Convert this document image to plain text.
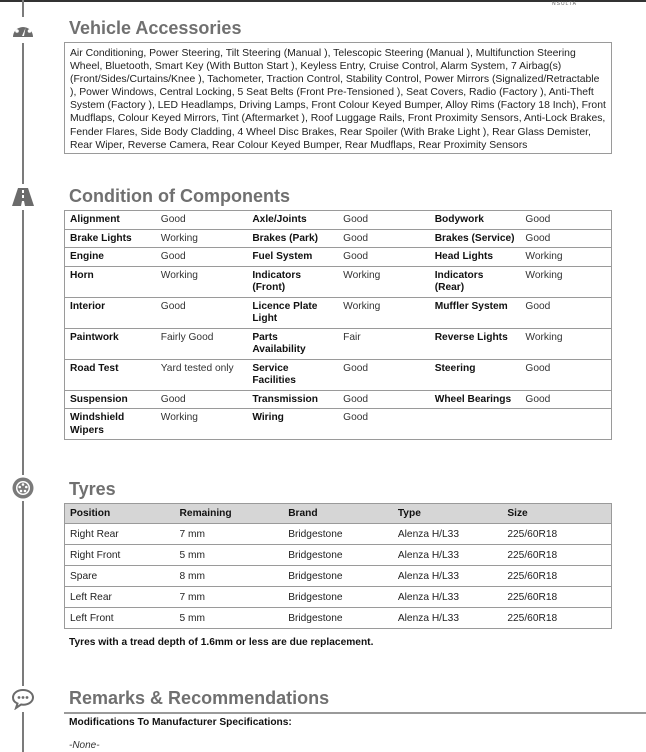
NSULTA
Vehicle Accessories
Air Conditioning, Power Steering, Tilt Steering (Manual ), Telescopic Steering (Manual ), Multifunction Steering Wheel, Bluetooth, Smart Key (With Button Start ), Keyless Entry, Cruise Control, Alarm System, 7 Airbag(s) (Front/Sides/Curtains/Knee ), Tachometer, Traction Control, Stability Control, Power Mirrors (Signalized/Retractable ), Power Windows, Central Locking, 5 Seat Belts (Front Pre-Tensioned ), Seat Covers, Radio (Factory ), Anti-Theft System (Factory ), LED Headlamps, Driving Lamps, Front Colour Keyed Bumper, Alloy Rims (Factory 18 Inch), Front Mudflaps, Colour Keyed Mirrors, Tint (Aftermarket ), Roof Luggage Rails, Front Proximity Sensors, Anti-Lock Brakes, Fender Flares, Side Body Cladding, 4 Wheel Disc Brakes, Rear Spoiler (With Brake Light ), Rear Glass Demister, Rear Wiper, Reverse Camera, Rear Colour Keyed Bumper, Rear Mudflaps, Rear Proximity Sensors
Condition of Components
Alignment	Good	Axle/Joints	Good	Bodywork	Good
Brake Lights	Working	Brakes (Park)	Good	Brakes (Service)	Good
Engine	Good	Fuel System	Good	Head Lights	Working
Horn	Working	Indicators (Front)	Working	Indicators (Rear)	Working
Interior	Good	Licence Plate Light	Working	Muffler System	Good
Paintwork	Fairly Good	Parts Availability	Fair	Reverse Lights	Working
Road Test	Yard tested only	Service Facilities	Good	Steering	Good
Suspension	Good	Transmission	Good	Wheel Bearings	Good
Windshield Wipers	Working	Wiring	Good		
Tyres
Position	Remaining	Brand	Type	Size
Right Rear	7 mm	Bridgestone	Alenza H/L33	225/60R18
Right Front	5 mm	Bridgestone	Alenza H/L33	225/60R18
Spare	8 mm	Bridgestone	Alenza H/L33	225/60R18
Left Rear	7 mm	Bridgestone	Alenza H/L33	225/60R18
Left Front	5 mm	Bridgestone	Alenza H/L33	225/60R18
Tyres with a tread depth of 1.6mm or less are due replacement.
Remarks & Recommendations
Modifications To Manufacturer Specifications:
-None-
